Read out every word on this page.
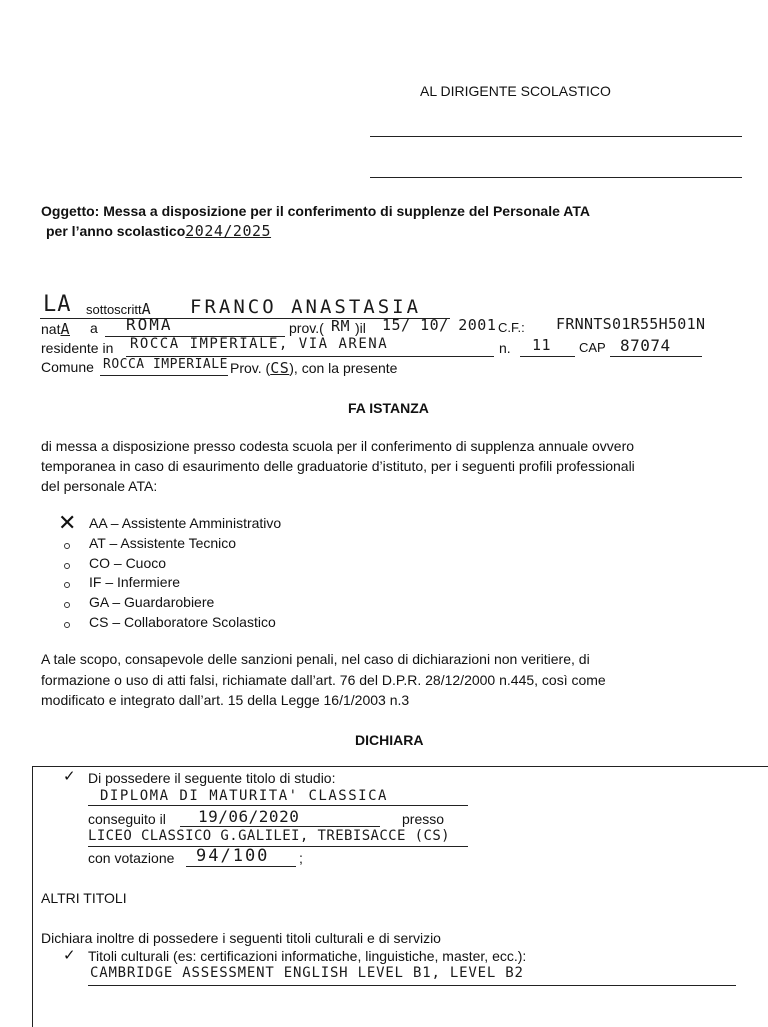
AL DIRIGENTE SCOLASTICO
Oggetto: Messa a disposizione per il conferimento di supplenze del Personale ATA
per l’anno scolastico2024/2025
LA sottoscrittA FRANCO ANASTASIA
natA a ROMA	prov.( RM )il 15/ 10/ 2001 C.F.: FRNNTS01R55H501N
residente in ROCCA IMPERIALE, VIA ARENA	n. 11 CAP 87074
Comune ROCCA IMPERIALE Prov. (CS), con la presente
FA ISTANZA
di messa a disposizione presso codesta scuola per il conferimento di supplenza annuale ovvero
temporanea in caso di esaurimento delle graduatorie d’istituto, per i seguenti profili professionali
del personale ATA:
✕ AA – Assistente Amministrativo
AT – Assistente Tecnico
CO – Cuoco
IF – Infermiere
GA – Guardarobiere
CS – Collaboratore Scolastico
A tale scopo, consapevole delle sanzioni penali, nel caso di dichiarazioni non veritiere, di
formazione o uso di atti falsi, richiamate dall’art. 76 del D.P.R. 28/12/2000 n.445, così come
modificato e integrato dall’art. 15 della Legge 16/1/2003 n.3
DICHIARA
✓ Di possedere il seguente titolo di studio:
DIPLOMA DI MATURITA' CLASSICA
conseguito il 19/06/2020	presso
LICEO CLASSICO G.GALILEI, TREBISACCE (CS)
con votazione 94/100 ;
ALTRI TITOLI
Dichiara inoltre di possedere i seguenti titoli culturali e di servizio
✓ Titoli culturali (es: certificazioni informatiche, linguistiche, master, ecc.):
CAMBRIDGE ASSESSMENT ENGLISH LEVEL B1, LEVEL B2
